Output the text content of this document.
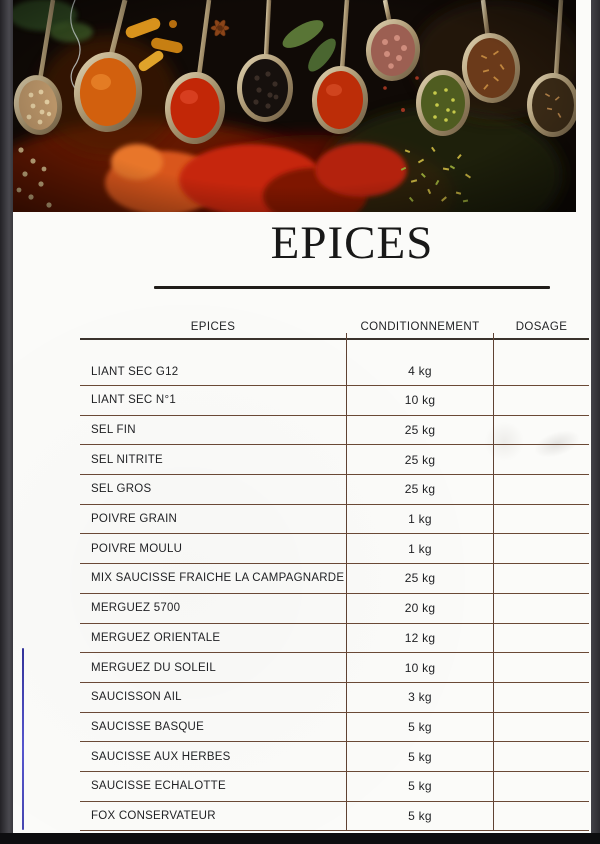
EPICES
EPICES	CONDITIONNEMENT	DOSAGE
LIANT SEC G12	4 kg
LIANT SEC N°1	10 kg
SEL FIN	25 kg
SEL NITRITE	25 kg
SEL GROS	25 kg
POIVRE GRAIN	1 kg
POIVRE MOULU	1 kg
MIX SAUCISSE FRAICHE LA CAMPAGNARDE	25 kg
MERGUEZ 5700	20 kg
MERGUEZ ORIENTALE	12 kg
MERGUEZ DU SOLEIL	10 kg
SAUCISSON AIL	3 kg
SAUCISSE BASQUE	5 kg
SAUCISSE AUX HERBES	5 kg
SAUCISSE ECHALOTTE	5 kg
FOX CONSERVATEUR	5 kg
